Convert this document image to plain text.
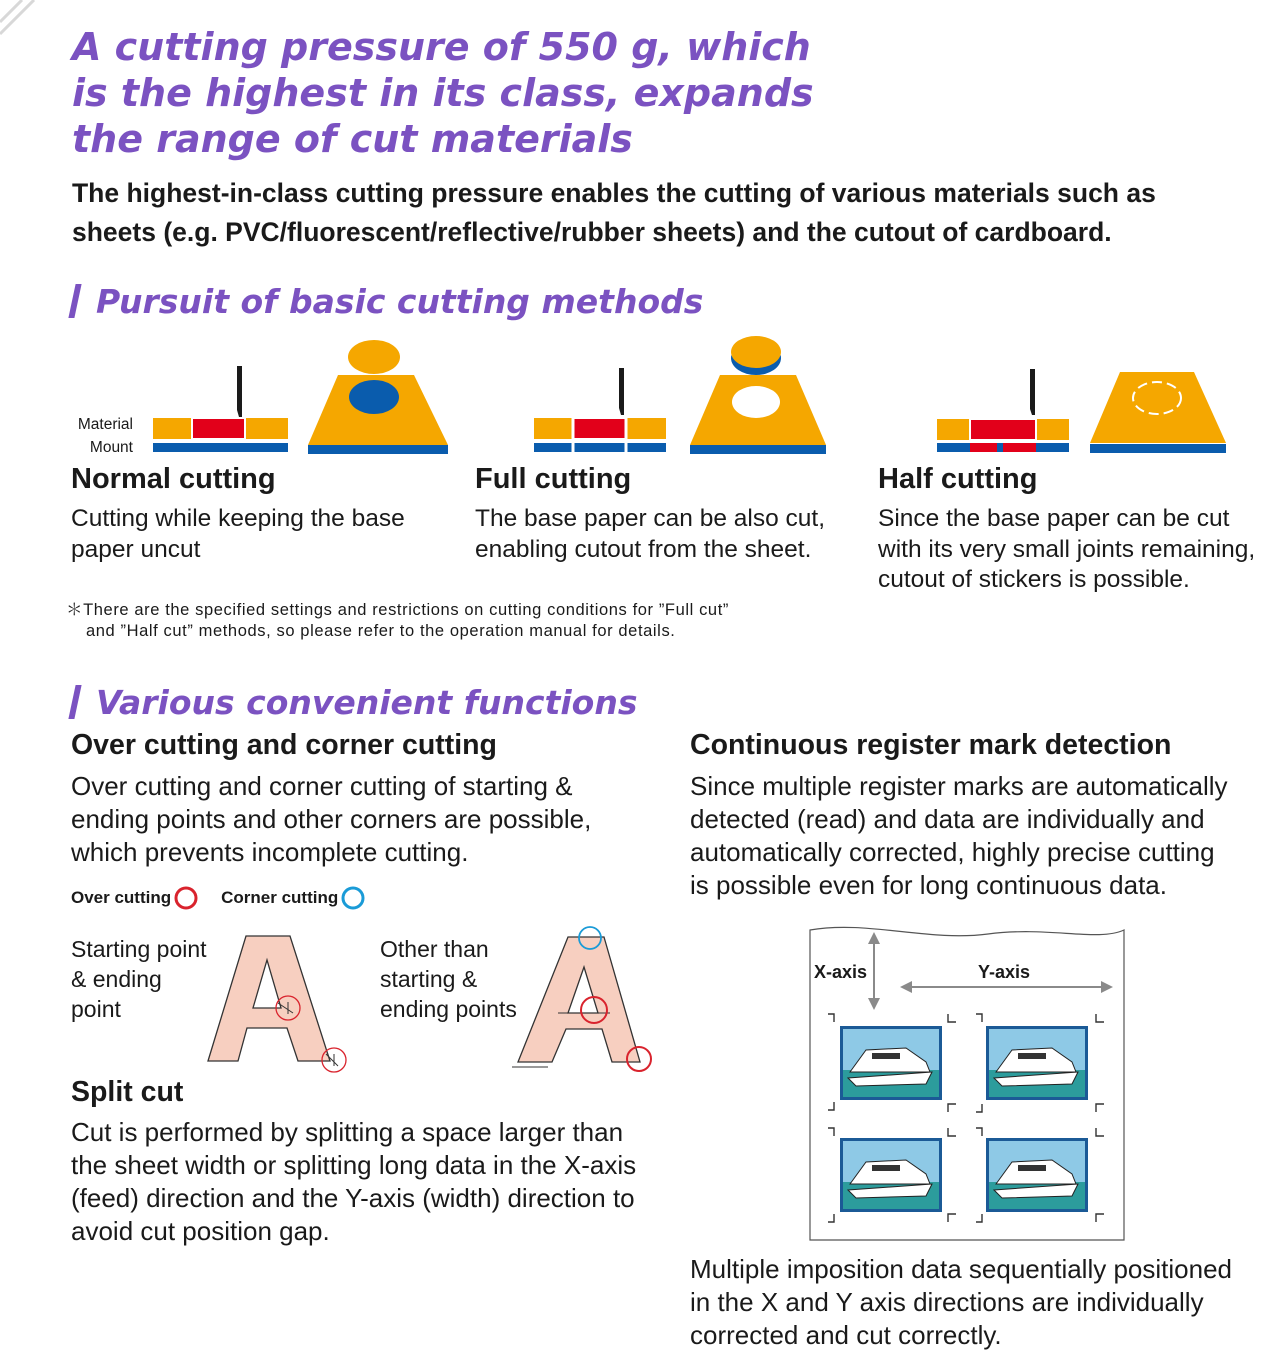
A cutting pressure of 550 g, which
is the highest in its class, expands
the range of cut materials

The highest-in-class cutting pressure enables the cutting of various materials such as
sheets (e.g. PVC/fluorescent/reflective/rubber sheets) and the cutout of cardboard.

Pursuit of basic cutting methods
Material
Mount
Normal cutting
Cutting while keeping the base
paper uncut
Full cutting
The base paper can be also cut,
enabling cutout from the sheet.
Half cutting
Since the base paper can be cut
with its very small joints remaining,
cutout of stickers is possible.
＊There are the specified settings and restrictions on cutting conditions for ”Full cut”
and ”Half cut” methods, so please refer to the operation manual for details.
Various convenient functions
Over cutting and corner cutting
Over cutting and corner cutting of starting &
ending points and other corners are possible,
which prevents incomplete cutting.
Over cutting	Corner cutting
Starting point
& ending
point
Other than
starting &
ending points
Split cut
Cut is performed by splitting a space larger than
the sheet width or splitting long data in the X-axis
(feed) direction and the Y-axis (width) direction to
avoid cut position gap.
Continuous register mark detection
Since multiple register marks are automatically
detected (read) and data are individually and
automatically corrected, highly precise cutting
is possible even for long continuous data.
X-axis	Y-axis
Multiple imposition data sequentially positioned
in the X and Y axis directions are individually
corrected and cut correctly.
